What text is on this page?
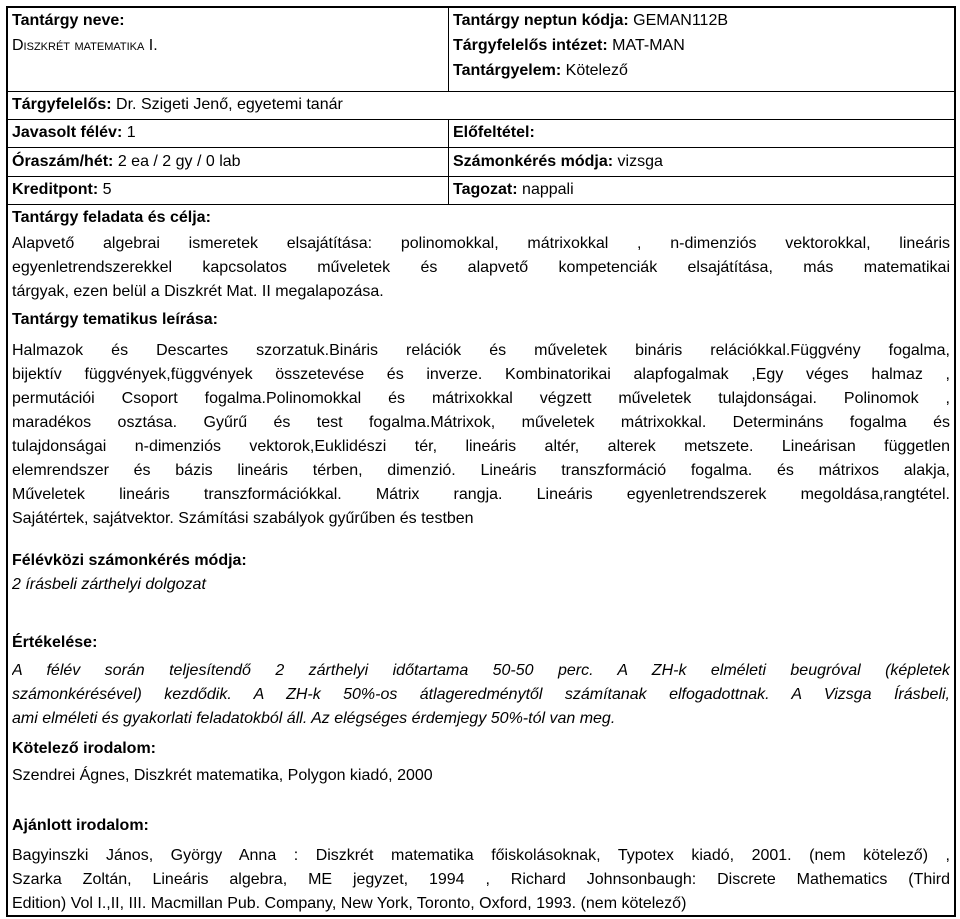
Tantárgy neve:
Diszkrét matematika I.
Tantárgy neptun kódja: GEMAN112B
Tárgyfelelős intézet: MAT-MAN
Tantárgyelem: Kötelező
Tárgyfelelős: Dr. Szigeti Jenő, egyetemi tanár
Javasolt félév: 1	Előfeltétel:
Óraszám/hét: 2 ea / 2 gy / 0 lab	Számonkérés módja: vizsga
Kreditpont: 5	Tagozat: nappali
Tantárgy feladata és célja:
Alapvető algebrai ismeretek elsajátítása: polinomokkal, mátrixokkal , n-dimenziós vektorokkal, lineáris
egyenletrendszerekkel kapcsolatos műveletek és alapvető kompetenciák elsajátítása, más matematikai
tárgyak, ezen belül a Diszkrét Mat. II megalapozása.
Tantárgy tematikus leírása:
Halmazok és Descartes szorzatuk.Bináris relációk és műveletek bináris relációkkal.Függvény fogalma,
bijektív függvények,függvények összetevése és inverze. Kombinatorikai alapfogalmak ,Egy véges halmaz ,
permutációi Csoport fogalma.Polinomokkal és mátrixokkal végzett műveletek tulajdonságai. Polinomok ,
maradékos osztása. Gyűrű és test fogalma.Mátrixok, műveletek mátrixokkal. Determináns fogalma és
tulajdonságai n-dimenziós vektorok,Euklidészi tér, lineáris altér, alterek metszete. Lineárisan független
elemrendszer és bázis lineáris térben, dimenzió. Lineáris transzformáció fogalma. és mátrixos alakja,
Műveletek lineáris transzformációkkal. Mátrix rangja. Lineáris egyenletrendszerek megoldása,rangtétel.
Sajátértek, sajátvektor. Számítási szabályok gyűrűben és testben
Félévközi számonkérés módja:
2 írásbeli zárthelyi dolgozat
Értékelése:
A félév során teljesítendő 2 zárthelyi időtartama 50-50 perc. A ZH-k elméleti beugróval (képletek
számonkérésével) kezdődik. A ZH-k 50%-os átlageredménytől számítanak elfogadottnak. A Vizsga Írásbeli,
ami elméleti és gyakorlati feladatokból áll. Az elégséges érdemjegy 50%-tól van meg.
Kötelező irodalom:
Szendrei Ágnes, Diszkrét matematika, Polygon kiadó, 2000
Ajánlott irodalom:
Bagyinszki János, György Anna : Diszkrét matematika főiskolásoknak, Typotex kiadó, 2001. (nem kötelező) ,
Szarka Zoltán, Lineáris algebra, ME jegyzet, 1994 , Richard Johnsonbaugh: Discrete Mathematics (Third
Edition) Vol I.,II, III. Macmillan Pub. Company, New York, Toronto, Oxford, 1993. (nem kötelező)
